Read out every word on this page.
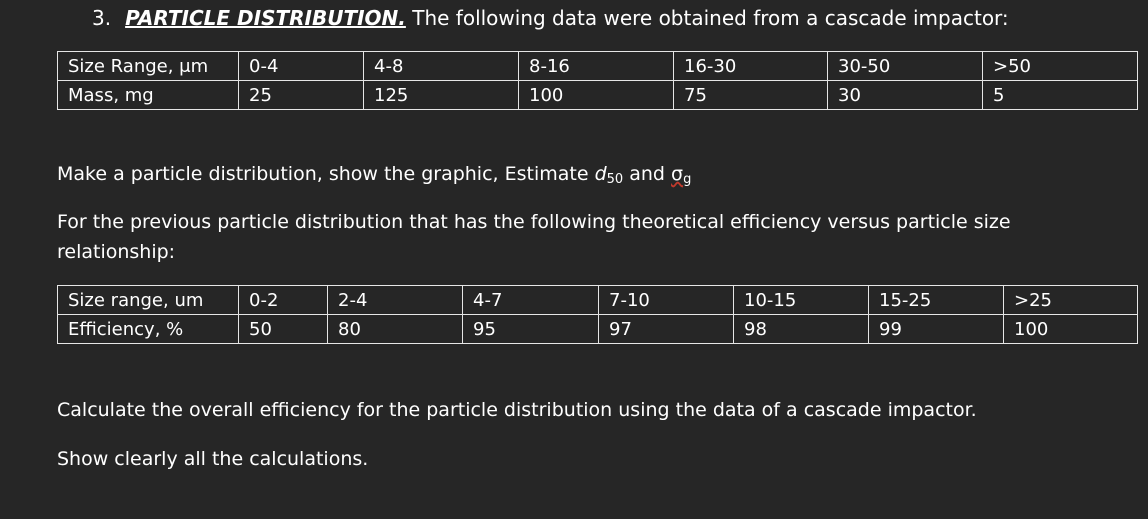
3. PARTICLE DISTRIBUTION. The following data were obtained from a cascade impactor:
Size Range, μm	0-4	4-8	8-16	16-30	30-50	>50
Mass, mg	25	125	100	75	30	5
Make a particle distribution, show the graphic, Estimate $d_{50}$ and $\sigma_g$
For the previous particle distribution that has the following theoretical efficiency versus particle size relationship:
Size range, um	0-2	2-4	4-7	7-10	10-15	15-25	>25
Efficiency, %	50	80	95	97	98	99	100
Calculate the overall efficiency for the particle distribution using the data of a cascade impactor.
Show clearly all the calculations.
